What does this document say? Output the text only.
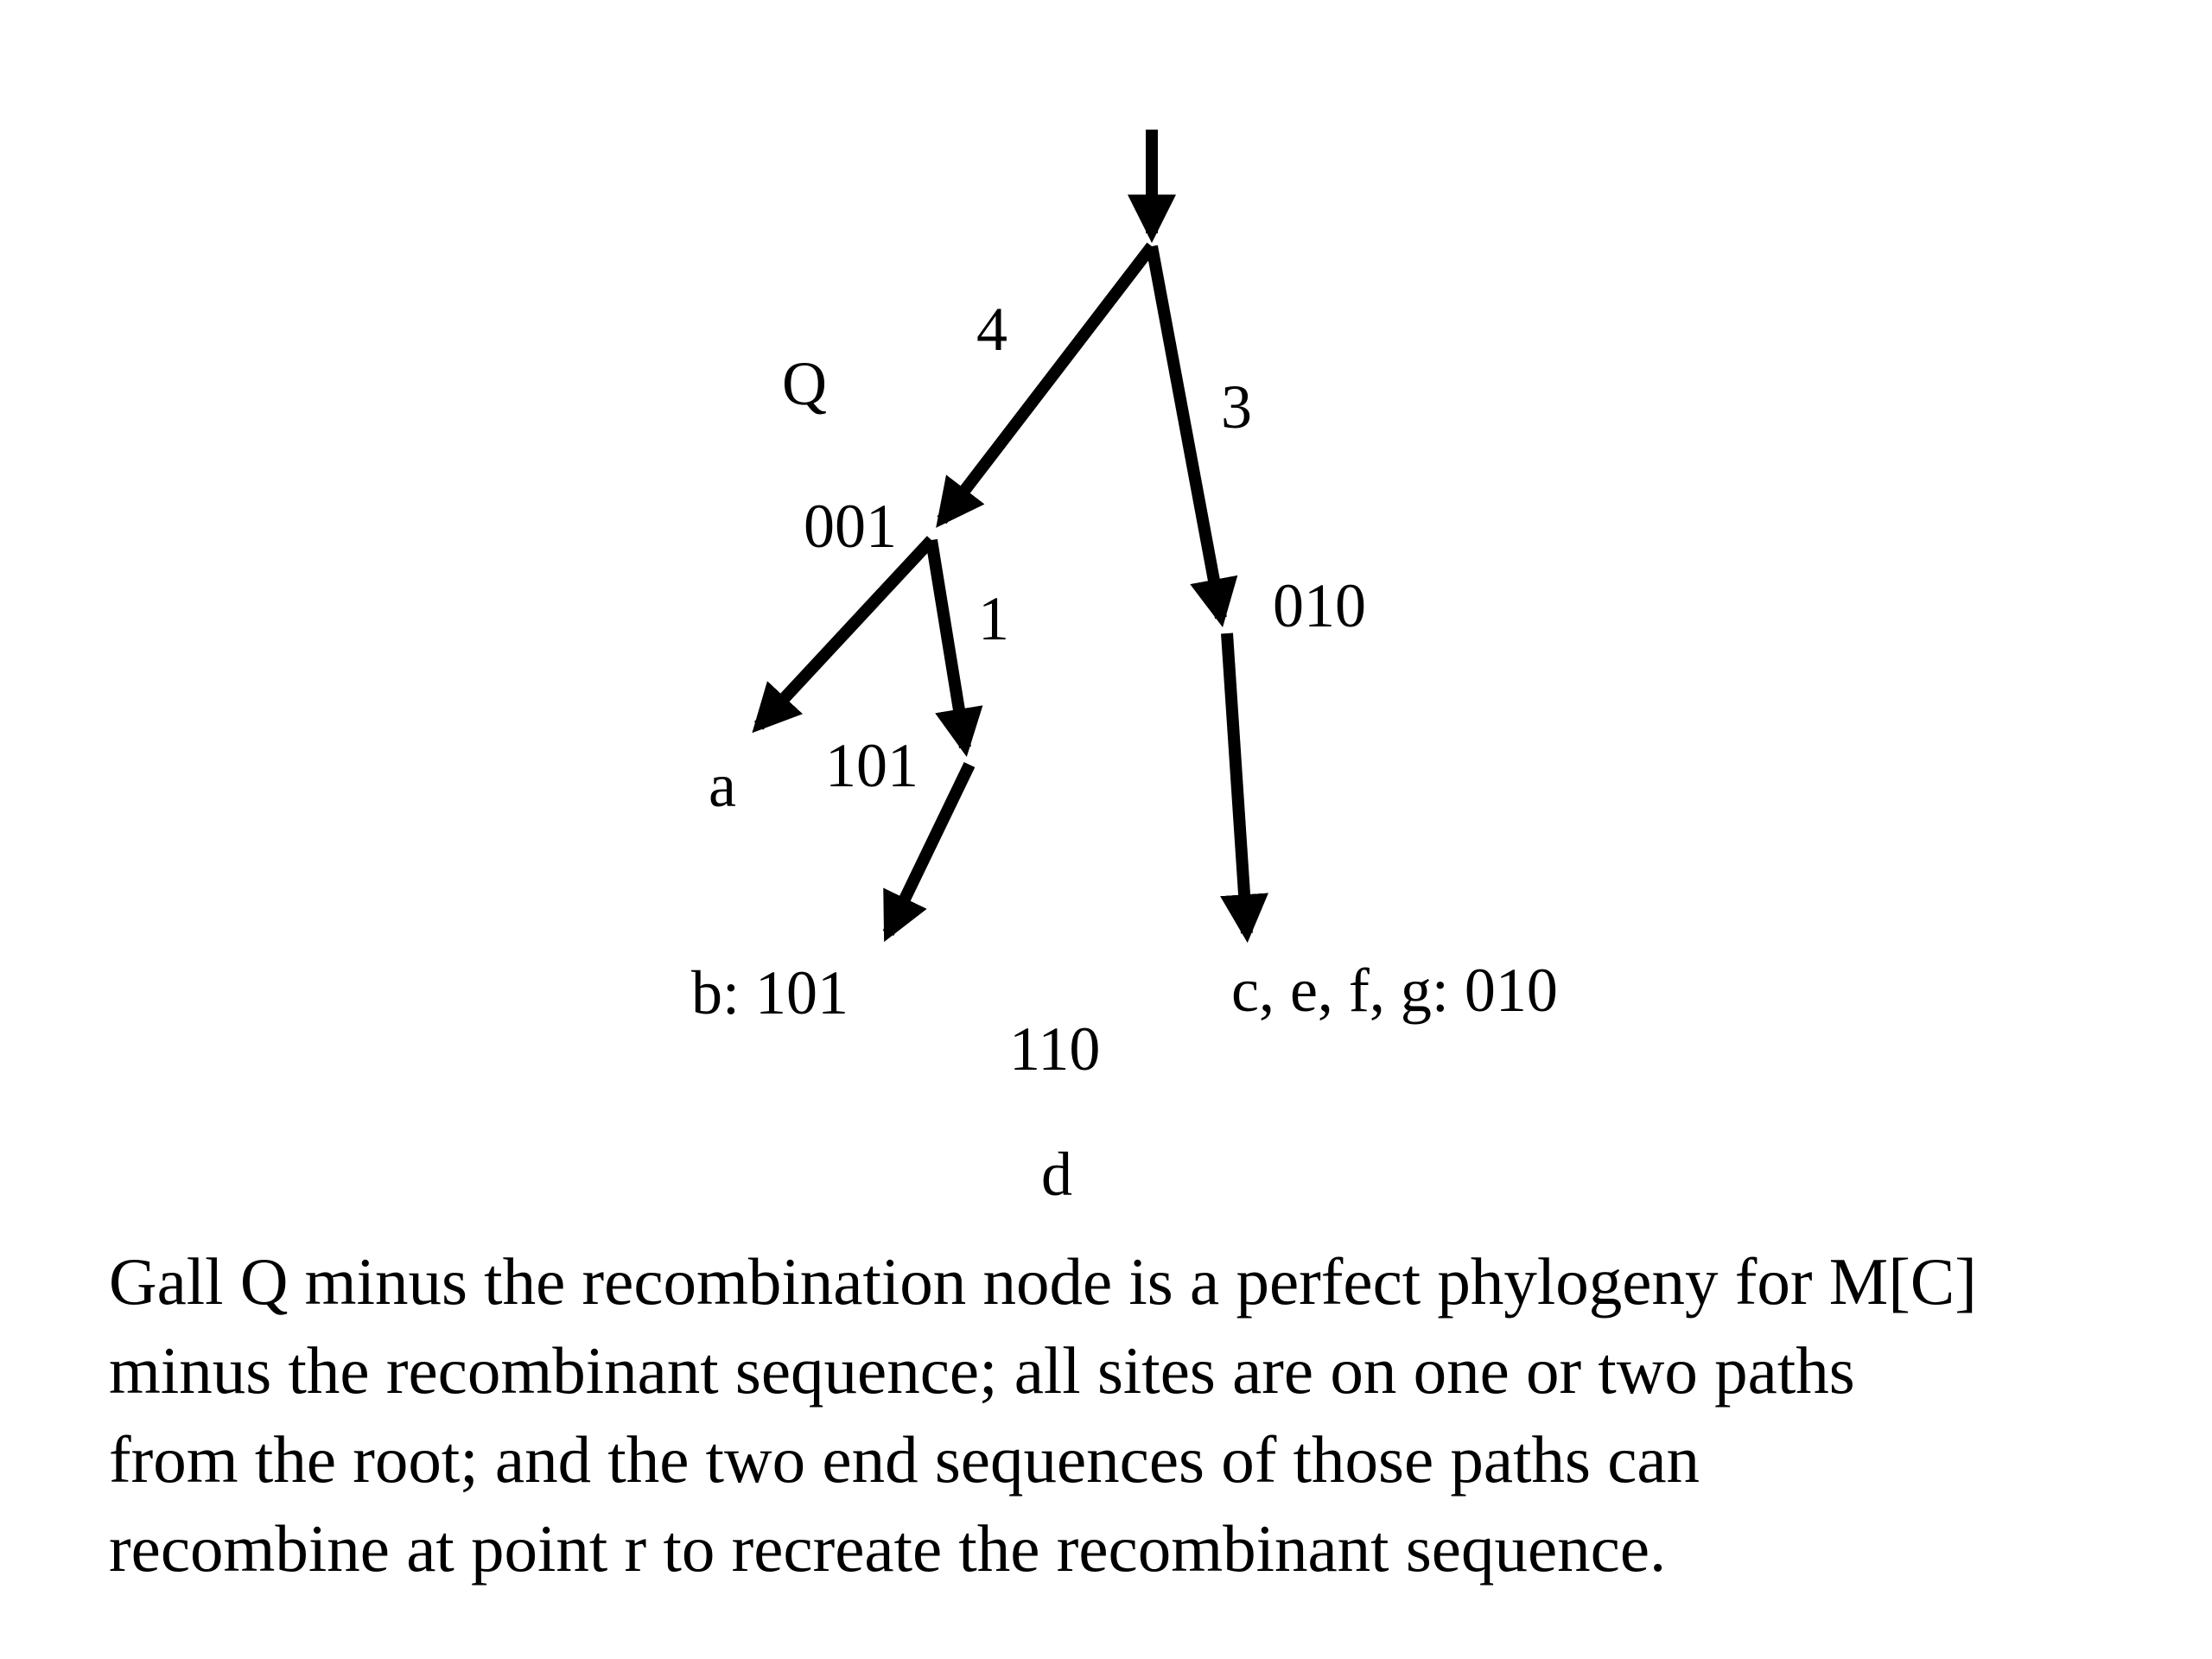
Q
4
3
001
1	010
a 101
b: 101	c, e, f, g: 010
110
d

Gall Q minus the recombination node is a perfect phylogeny for M[C]
minus the recombinant sequence; all sites are on one or two paths
from the root; and the two end sequences of those paths can
recombine at point r to recreate the recombinant sequence.
